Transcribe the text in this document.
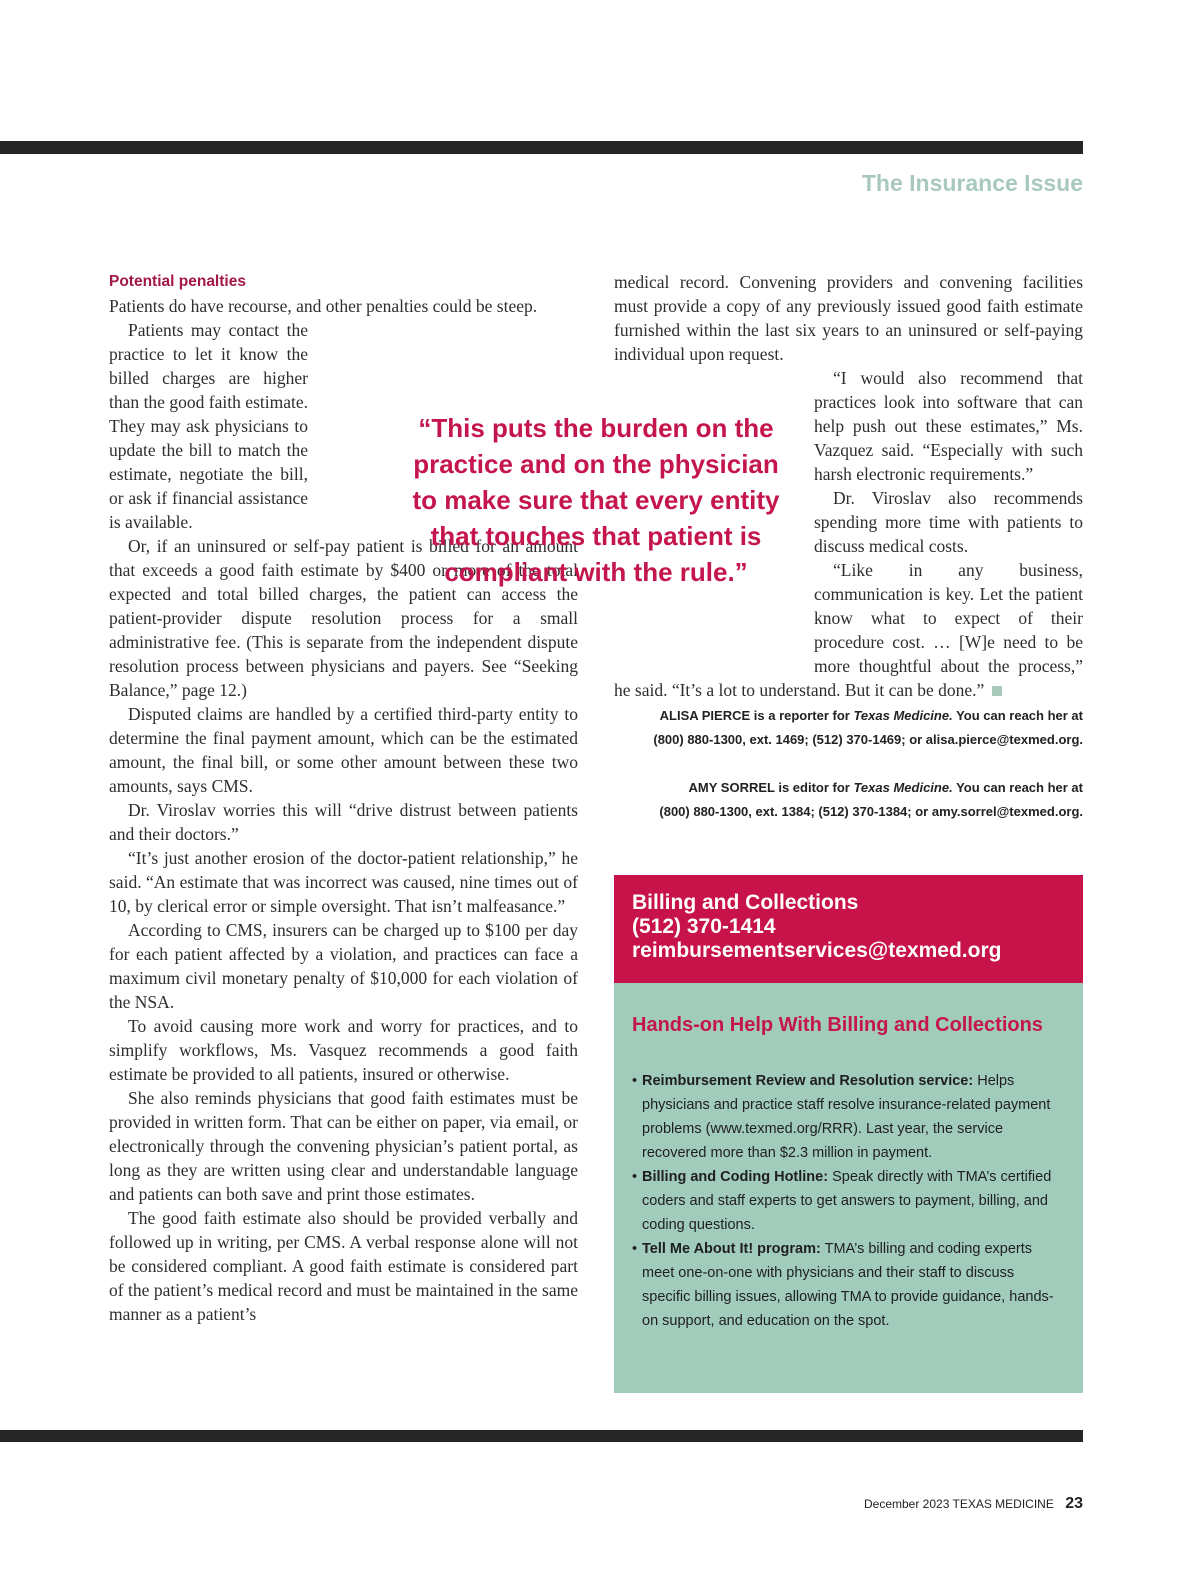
The Insurance Issue
Potential penalties

Patients do have recourse, and other penalties could be steep.

Patients may contact the practice to let it know the billed charges are higher than the good faith estimate. They may ask physicians to update the bill to match the estimate, negotiate the bill, or ask if financial assistance is available.

Or, if an uninsured or self-pay patient is billed for an amount that exceeds a good faith estimate by $400 or more of the total expected and total billed charges, the patient can access the patient-provider dispute resolution process for a small administrative fee. (This is separate from the independent dispute resolution process between physicians and payers. See “Seeking Balance,” page 12.)

Disputed claims are handled by a certified third-party entity to determine the final payment amount, which can be the estimated amount, the final bill, or some other amount between these two amounts, says CMS.

Dr. Viroslav worries this will “drive distrust between patients and their doctors.”

“It’s just another erosion of the doctor-patient relationship,” he said. “An estimate that was incorrect was caused, nine times out of 10, by clerical error or simple oversight. That isn’t malfeasance.”

According to CMS, insurers can be charged up to $100 per day for each patient affected by a violation, and practices can face a maximum civil monetary penalty of $10,000 for each violation of the NSA.

To avoid causing more work and worry for practices, and to simplify workflows, Ms. Vasquez recommends a good faith estimate be provided to all patients, insured or otherwise.

She also reminds physicians that good faith estimates must be provided in written form. That can be either on paper, via email, or electronically through the convening physician’s patient portal, as long as they are written using clear and understandable language and patients can both save and print those estimates.

The good faith estimate also should be provided verbally and followed up in writing, per CMS. A verbal response alone will not be considered compliant. A good faith estimate is considered part of the patient’s medical record and must be maintained in the same manner as a patient’s

medical record. Convening providers and convening facilities must provide a copy of any previously issued good faith estimate furnished within the last six years to an uninsured or self-paying individual upon request.

“I would also recommend that practices look into software that can help push out these estimates,” Ms. Vazquez said. “Especially with such harsh electronic requirements.”

Dr. Viroslav also recommends spending more time with patients to discuss medical costs.

“Like in any business, communication is key. Let the patient know what to expect of their procedure cost. … [W]e need to be more thoughtful about the process,” he said. “It’s a lot to understand. But it can be done.”

“This puts the burden on the practice and on the physician to make sure that every entity that touches that patient is compliant with the rule.”
ALISA PIERCE is a reporter for Texas Medicine. You can reach her at
(800) 880-1300, ext. 1469; (512) 370-1469; or alisa.pierce@texmed.org.
AMY SORREL is editor for Texas Medicine. You can reach her at
(800) 880-1300, ext. 1384; (512) 370-1384; or amy.sorrel@texmed.org.
Billing and Collections
(512) 370-1414
reimbursementservices@texmed.org
Hands-on Help With Billing and Collections
• Reimbursement Review and Resolution service: Helps physicians and practice staff resolve insurance-related payment problems (www.texmed.org/RRR). Last year, the service recovered more than $2.3 million in payment.
• Billing and Coding Hotline: Speak directly with TMA’s certified coders and staff experts to get answers to payment, billing, and coding questions.
• Tell Me About It! program: TMA’s billing and coding experts meet one-on-one with physicians and their staff to discuss specific billing issues, allowing TMA to provide guidance, hands-on support, and education on the spot.
December 2023 TEXAS MEDICINE 23
